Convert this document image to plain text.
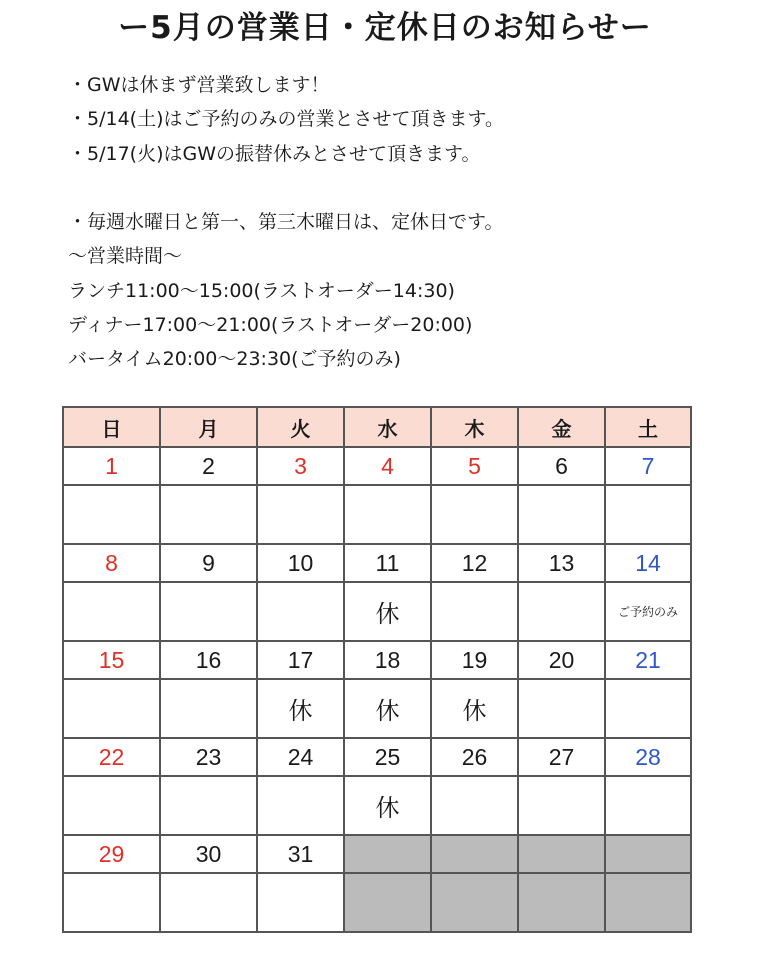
ー5月の営業日・定休日のお知らせー
・GWは休まず営業致します！
・5/14(土)はご予約のみの営業とさせて頂きます。
・5/17(火)はGWの振替休みとさせて頂きます。
・毎週水曜日と第一、第三木曜日は、定休日です。
〜営業時間〜
ランチ11:00〜15:00(ラストオーダー14:30)
ディナー17:00〜21:00(ラストオーダー20:00)
バータイム20:00〜23:30(ご予約のみ)
日	月	火	水	木	金	土
1	2	3	4	5	6	7

8	9	10	11	12	13	14
			休			ご予約のみ
15	16	17	18	19	20	21
		休	休	休		
22	23	24	25	26	27	28
			休			
29	30	31				
